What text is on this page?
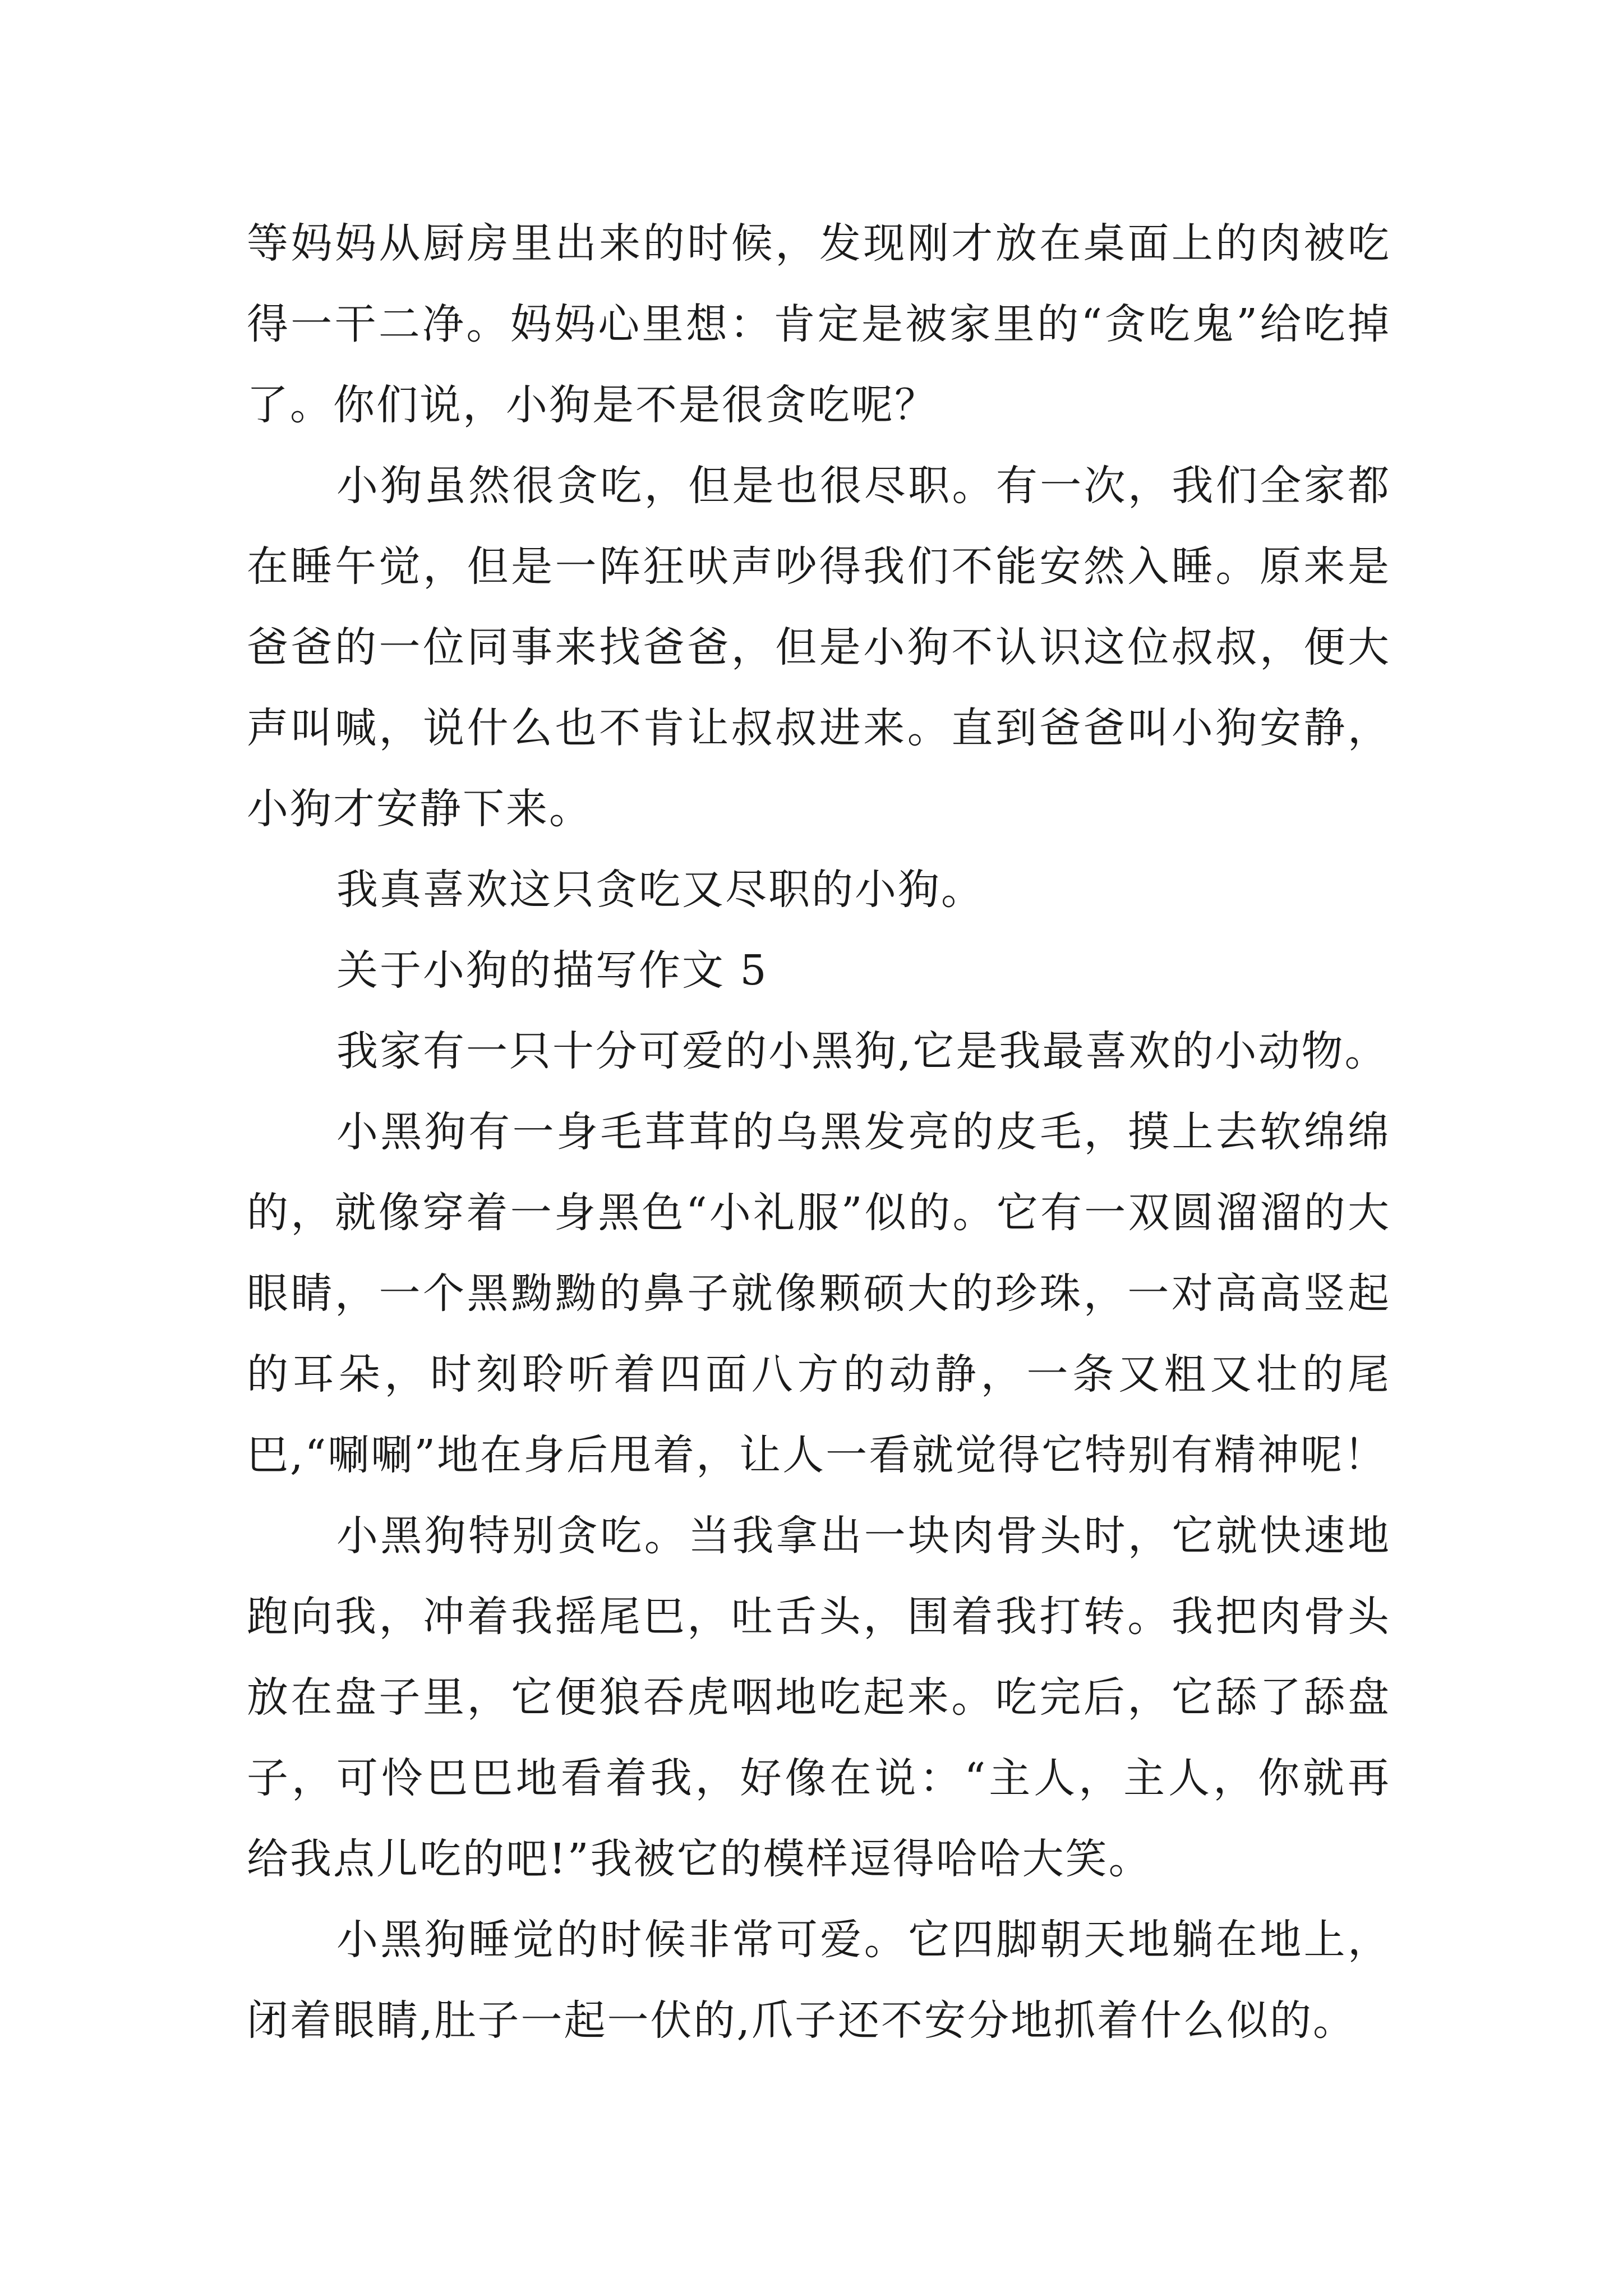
等妈妈从厨房里出来的时候，发现刚才放在桌面上的肉被吃得一干二净。妈妈心里想：肯定是被家里的“贪吃鬼”给吃掉了。你们说，小狗是不是很贪吃呢？

小狗虽然很贪吃，但是也很尽职。有一次，我们全家都在睡午觉，但是一阵狂吠声吵得我们不能安然入睡。原来是爸爸的一位同事来找爸爸，但是小狗不认识这位叔叔，便大声叫喊，说什么也不肯让叔叔进来。直到爸爸叫小狗安静，小狗才安静下来。

我真喜欢这只贪吃又尽职的小狗。

关于小狗的描写作文 5

我家有一只十分可爱的小黑狗,它是我最喜欢的小动物。

小黑狗有一身毛茸茸的乌黑发亮的皮毛，摸上去软绵绵的，就像穿着一身黑色“小礼服”似的。它有一双圆溜溜的大眼睛，一个黑黝黝的鼻子就像颗硕大的珍珠，一对高高竖起的耳朵，时刻聆听着四面八方的动静，一条又粗又壮的尾巴,“唰唰”地在身后甩着，让人一看就觉得它特别有精神呢！

小黑狗特别贪吃。当我拿出一块肉骨头时，它就快速地跑向我，冲着我摇尾巴，吐舌头，围着我打转。我把肉骨头放在盘子里，它便狼吞虎咽地吃起来。吃完后，它舔了舔盘子，可怜巴巴地看着我，好像在说：“主人，主人，你就再给我点儿吃的吧!”我被它的模样逗得哈哈大笑。

小黑狗睡觉的时候非常可爱。它四脚朝天地躺在地上，闭着眼睛,肚子一起一伏的,爪子还不安分地抓着什么似的。
